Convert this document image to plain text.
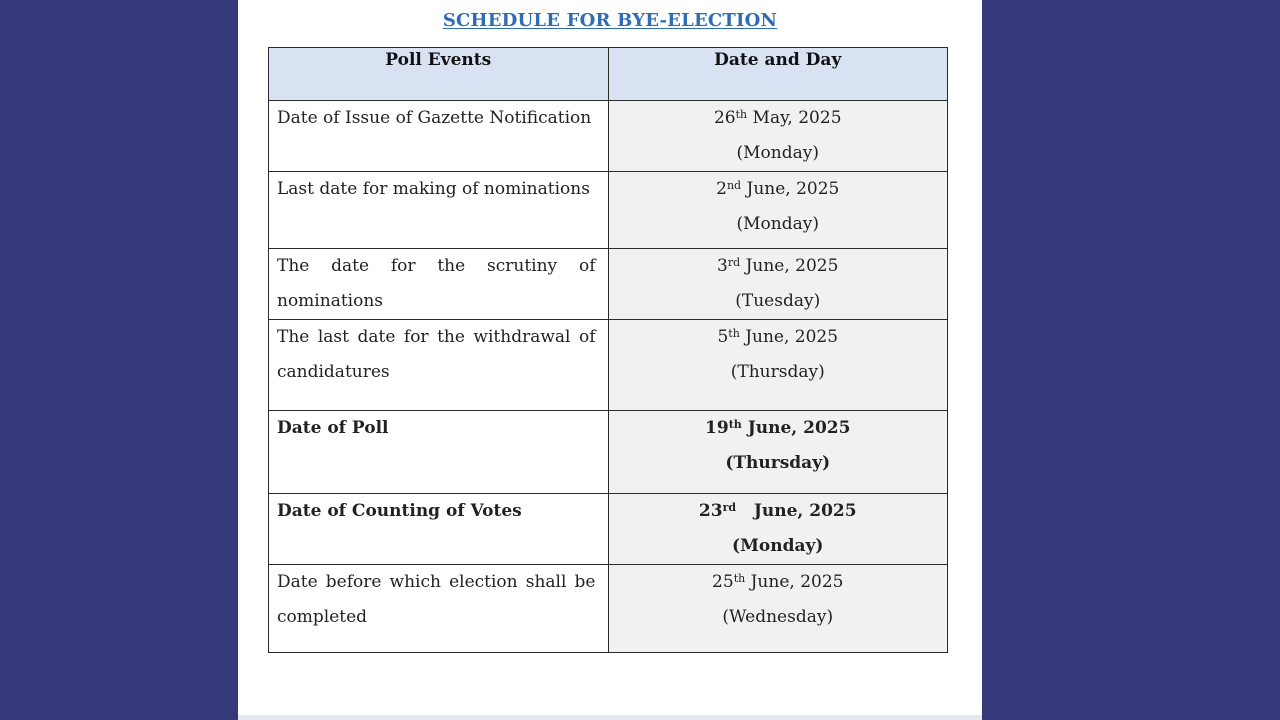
SCHEDULE FOR BYE-ELECTION
Poll Events	Date and Day
Date of Issue of Gazette Notification	26th May, 2025
(Monday)

Last date for making of nominations	2nd June, 2025
(Monday)

The date for the scrutiny of nominations	3rd June, 2025
(Tuesday)

The last date for the withdrawal of candidatures	5th June, 2025
(Thursday)

Date of Poll	19th June, 2025
(Thursday)

Date of Counting of Votes	23rd   June, 2025
(Monday)

Date before which election shall be completed	25th June, 2025
(Wednesday)
